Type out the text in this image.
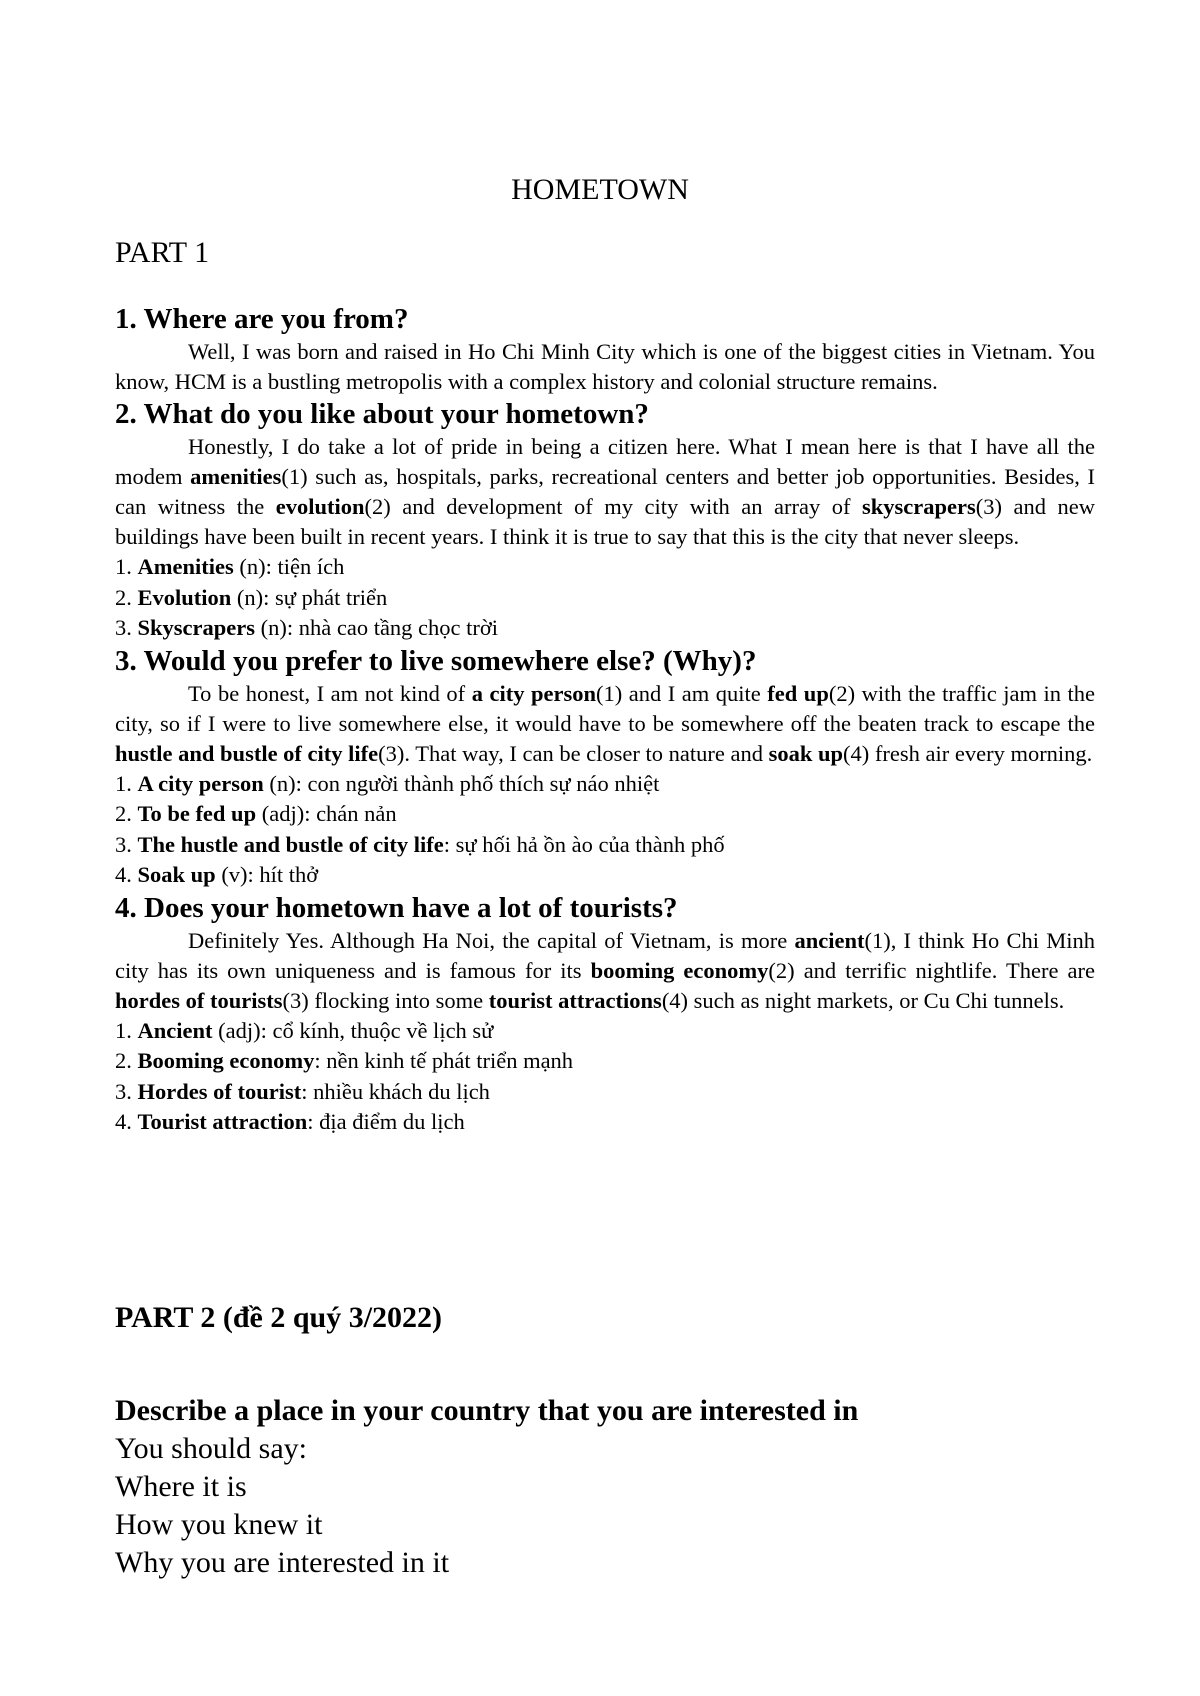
HOMETOWN
PART 1

1. Where are you from?

Well, I was born and raised in Ho Chi Minh City which is one of the biggest cities in Vietnam. You know, HCM is a bustling metropolis with a complex history and colonial structure remains.

2. What do you like about your hometown?

Honestly, I do take a lot of pride in being a citizen here. What I mean here is that I have all the modem amenities(1) such as, hospitals, parks, recreational centers and better job opportunities. Besides, I can witness the evolution(2) and development of my city with an array of skyscrapers(3) and new buildings have been built in recent years. I think it is true to say that this is the city that never sleeps.

1. Amenities (n): tiện ích

2. Evolution (n): sự phát triển

3. Skyscrapers (n): nhà cao tầng chọc trời

3. Would you prefer to live somewhere else? (Why)?

To be honest, I am not kind of a city person(1) and I am quite fed up(2) with the traffic jam in the city, so if I were to live somewhere else, it would have to be somewhere off the beaten track to escape the hustle and bustle of city life(3). That way, I can be closer to nature and soak up(4) fresh air every morning.

1. A city person (n): con người thành phố thích sự náo nhiệt

2. To be fed up (adj): chán nản

3. The hustle and bustle of city life: sự hối hả ồn ào của thành phố

4. Soak up (v): hít thở

4. Does your hometown have a lot of tourists?

Definitely Yes. Although Ha Noi, the capital of Vietnam, is more ancient(1), I think Ho Chi Minh city has its own uniqueness and is famous for its booming economy(2) and terrific nightlife. There are hordes of tourists(3) flocking into some tourist attractions(4) such as night markets, or Cu Chi tunnels.

1. Ancient (adj): cổ kính, thuộc về lịch sử

2. Booming economy: nền kinh tế phát triển mạnh

3. Hordes of tourist: nhiều khách du lịch

4. Tourist attraction: địa điểm du lịch

PART 2 (đề 2 quý 3/2022)

Describe a place in your country that you are interested in

You should say:

Where it is

How you knew it

Why you are interested in it
